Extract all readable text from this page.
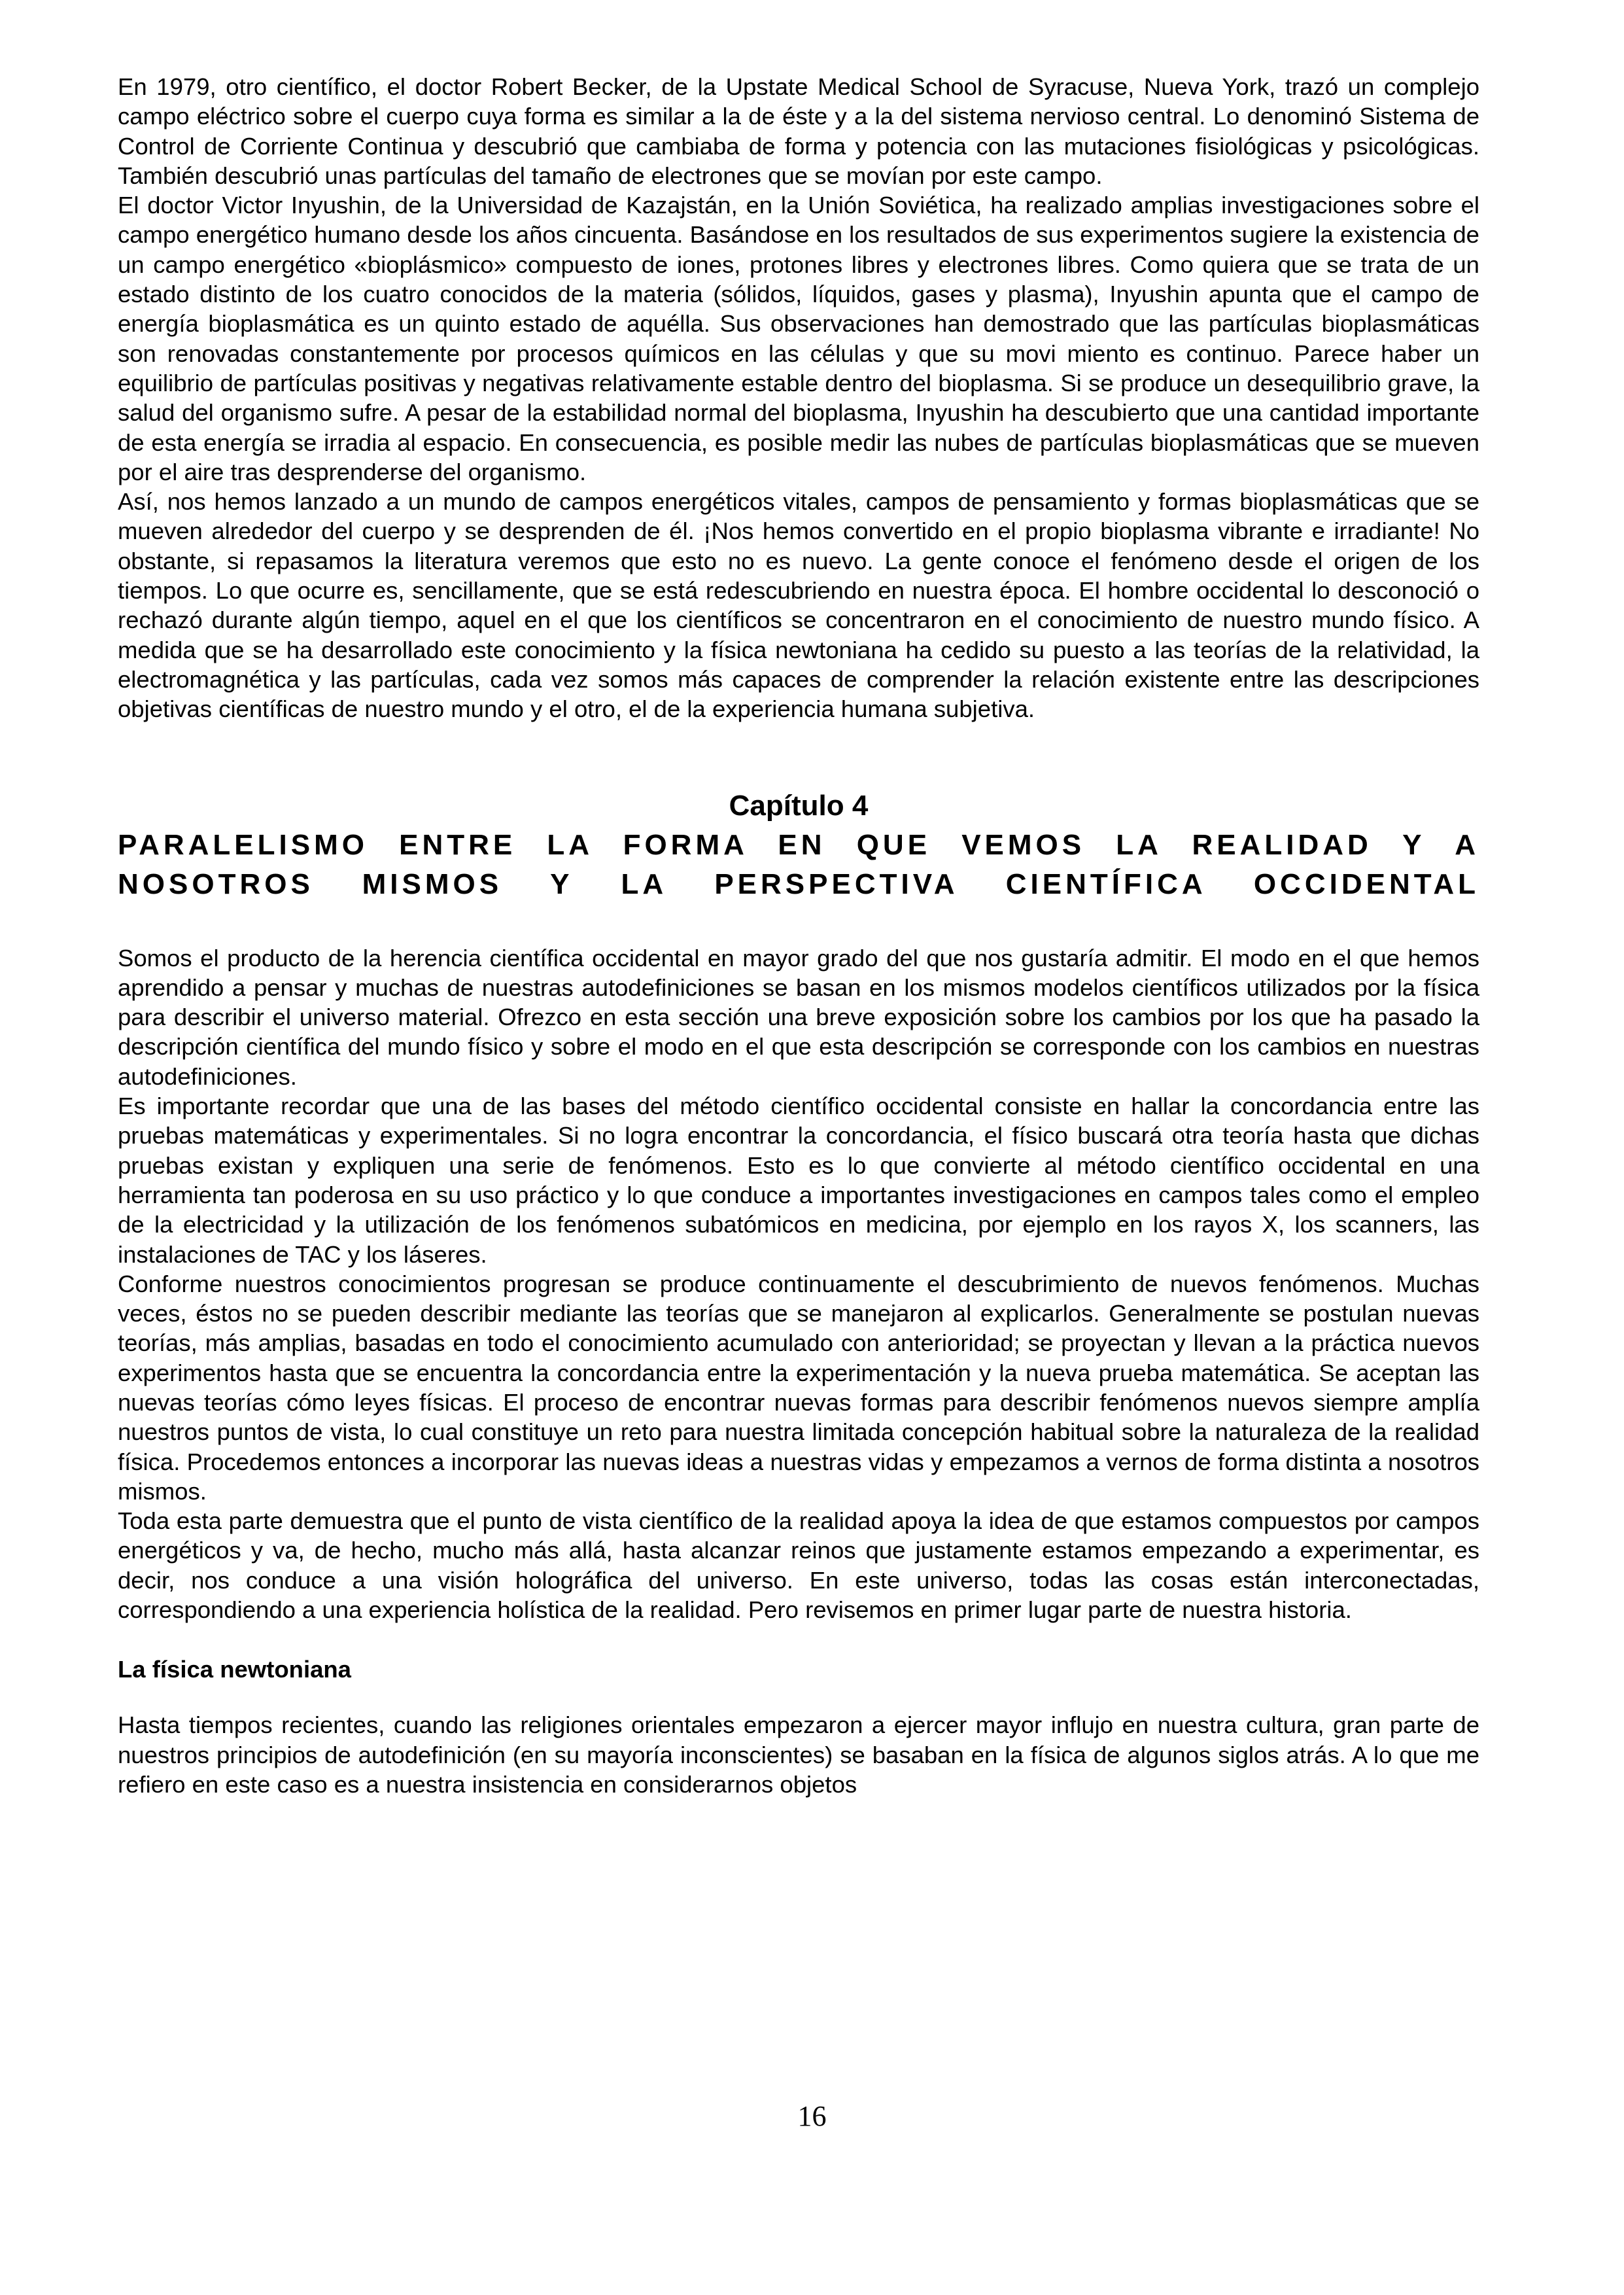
En 1979, otro científico, el doctor Robert Becker, de la Upstate Medical School de Syracuse, Nueva York, trazó un complejo campo eléctrico sobre el cuerpo cuya forma es similar a la de éste y a la del sistema nervioso central. Lo denominó Sistema de Control de Corriente Continua y descubrió que cambiaba de forma y potencia con las mutaciones fisiológicas y psicológicas. También descubrió unas partículas del tamaño de electrones que se movían por este campo.

El doctor Victor Inyushin, de la Universidad de Kazajstán, en la Unión Soviética, ha realizado amplias investigaciones sobre el campo energético humano desde los años cincuenta. Basándose en los resultados de sus experimentos sugiere la existencia de un campo energético «bioplásmico» compuesto de iones, protones libres y electrones libres. Como quiera que se trata de un estado distinto de los cuatro conocidos de la materia (sólidos, líquidos, gases y plasma), Inyushin apunta que el campo de energía bioplasmática es un quinto estado de aquélla. Sus observaciones han demostrado que las partículas bioplasmáticas son renovadas constantemente por procesos químicos en las células y que su movi miento es continuo. Parece haber un equilibrio de partículas positivas y negativas relativamente estable dentro del bioplasma. Si se produce un desequilibrio grave, la salud del organismo sufre. A pesar de la estabilidad normal del bioplasma, Inyushin ha descubierto que una cantidad importante de esta energía se irradia al espacio. En consecuencia, es posible medir las nubes de partículas bioplasmáticas que se mueven por el aire tras desprenderse del organismo.

Así, nos hemos lanzado a un mundo de campos energéticos vitales, campos de pensamiento y formas bioplasmáticas que se mueven alrededor del cuerpo y se desprenden de él. ¡Nos hemos convertido en el propio bioplasma vibrante e irradiante! No obstante, si repasamos la literatura veremos que esto no es nuevo. La gente conoce el fenómeno desde el origen de los tiempos. Lo que ocurre es, sencillamente, que se está redescubriendo en nuestra época. El hombre occidental lo desconoció o rechazó durante algún tiempo, aquel en el que los científicos se concentraron en el conocimiento de nuestro mundo físico. A medida que se ha desarrollado este conocimiento y la física newtoniana ha cedido su puesto a las teorías de la relatividad, la electromagnética y las partículas, cada vez somos más capaces de comprender la relación existente entre las descripciones objetivas científicas de nuestro mundo y el otro, el de la experiencia humana subjetiva.

Capítulo 4

PARALELISMO ENTRE LA FORMA EN QUE VEMOS LA REALIDAD Y A
NOSOTROS MISMOS Y LA PERSPECTIVA CIENTÍFICA OCCIDENTAL

Somos el producto de la herencia científica occidental en mayor grado del que nos gustaría admitir. El modo en el que hemos aprendido a pensar y muchas de nuestras autodefiniciones se basan en los mismos modelos científicos utilizados por la física para describir el universo material. Ofrezco en esta sección una breve exposición sobre los cambios por los que ha pasado la descripción científica del mundo físico y sobre el modo en el que esta descripción se corresponde con los cambios en nuestras autodefiniciones.

Es importante recordar que una de las bases del método científico occidental consiste en hallar la concordancia entre las pruebas matemáticas y experimentales. Si no logra encontrar la concordancia, el físico buscará otra teoría hasta que dichas pruebas existan y expliquen una serie de fenómenos. Esto es lo que convierte al método científico occidental en una herramienta tan poderosa en su uso práctico y lo que conduce a importantes investigaciones en campos tales como el empleo de la electricidad y la utilización de los fenómenos subatómicos en medicina, por ejemplo en los rayos X, los scanners, las instalaciones de TAC y los láseres.

Conforme nuestros conocimientos progresan se produce continuamente el descubrimiento de nuevos fenómenos. Muchas veces, éstos no se pueden describir mediante las teorías que se manejaron al explicarlos. Generalmente se postulan nuevas teorías, más amplias, basadas en todo el conocimiento acumulado con anterioridad; se proyectan y llevan a la práctica nuevos experimentos hasta que se encuentra la concordancia entre la experimentación y la nueva prueba matemática. Se aceptan las nuevas teorías cómo leyes físicas. El proceso de encontrar nuevas formas para describir fenómenos nuevos siempre amplía nuestros puntos de vista, lo cual constituye un reto para nuestra limitada concepción habitual sobre la naturaleza de la realidad física. Procedemos entonces a incorporar las nuevas ideas a nuestras vidas y empezamos a vernos de forma distinta a nosotros mismos.

Toda esta parte demuestra que el punto de vista científico de la realidad apoya la idea de que estamos compuestos por campos energéticos y va, de hecho, mucho más allá, hasta alcanzar reinos que justamente estamos empezando a experimentar, es decir, nos conduce a una visión holográfica del universo. En este universo, todas las cosas están interconectadas, correspondiendo a una experiencia holística de la realidad. Pero revisemos en primer lugar parte de nuestra historia.

La física newtoniana

Hasta tiempos recientes, cuando las religiones orientales empezaron a ejercer mayor influjo en nuestra cultura, gran parte de nuestros principios de autodefinición (en su mayoría inconscientes) se basaban en la física de algunos siglos atrás. A lo que me refiero en este caso es a nuestra insistencia en considerarnos objetos

16
